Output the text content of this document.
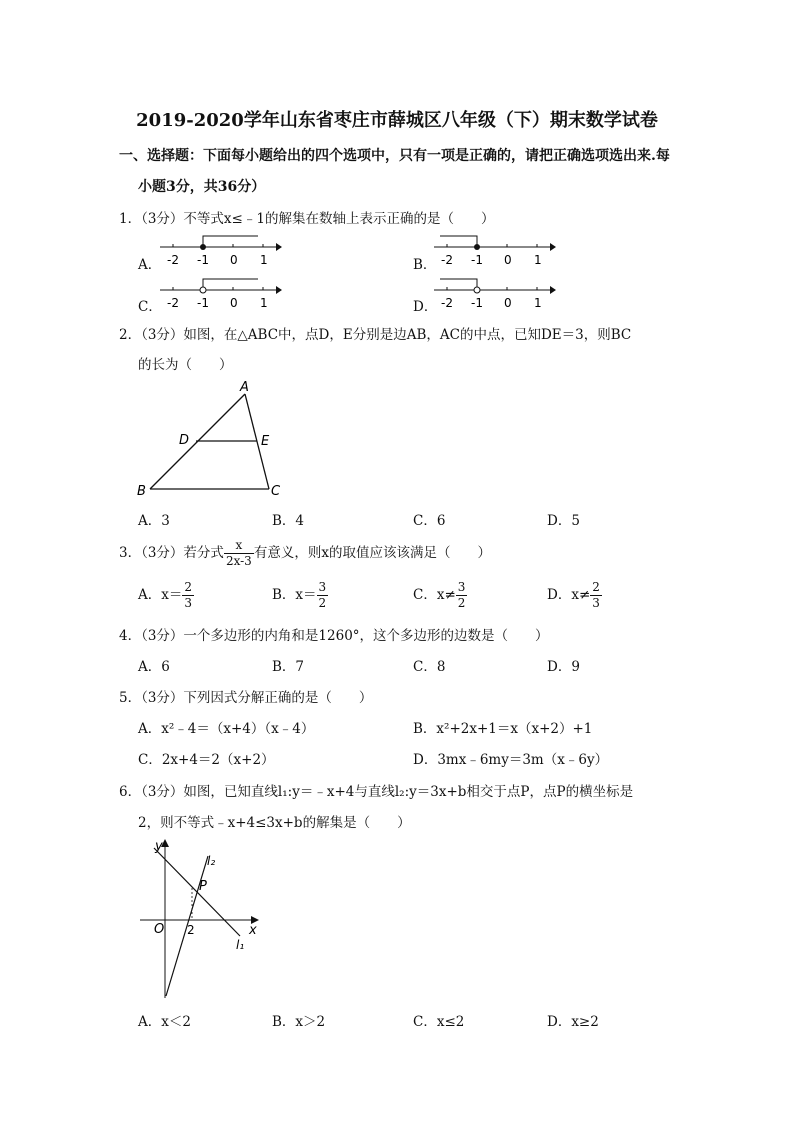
2019-2020学年山东省枣庄市薛城区八年级（下）期末数学试卷
一、选择题：下面每小题给出的四个选项中，只有一项是正确的，请把正确选项选出来.每
小题3分，共36分）
1．（3分）不等式x≤﹣1的解集在数轴上表示正确的是（　　）
A． -2 -1 0 1	B． -2 -1 0 1
C． -2 -1 0 1	D． -2 -1 0 1
2．（3分）如图，在△ABC中，点D，E分别是边AB，AC的中点，已知DE＝3，则BC
的长为（　　）
A
D	E
B	C
A．3	B．4	C．6	D．5
3．（3分）若分式 $\frac{x}{2x-3}$ 有意义，则x的取值应该该满足（　　）
A．$x= \frac{2}{3}$	B．$x= \frac{3}{2}$	C．$x\ne \frac{3}{2}$	D．$x\ne \frac{2}{3}$
4．（3分）一个多边形的内角和是1260°，这个多边形的边数是（　　）
A．6	B．7	C．8	D．9
5．（3分）下列因式分解正确的是（　　）
A．x²﹣4＝（x+4）（x﹣4）	B．x²+2x+1＝x（x+2）+1
C．2x+4＝2（x+2）	D．3mx﹣6my＝3m（x﹣6y）
6．（3分）如图，已知直线l₁:y＝﹣x+4与直线l₂:y＝3x+b相交于点P，点P的横坐标是
2，则不等式﹣x+4≤3x+b的解集是（　　）
y
x
O 2
P
l₁
l₂
A．x＜2	B．x＞2	C．x≤2	D．x≥2
